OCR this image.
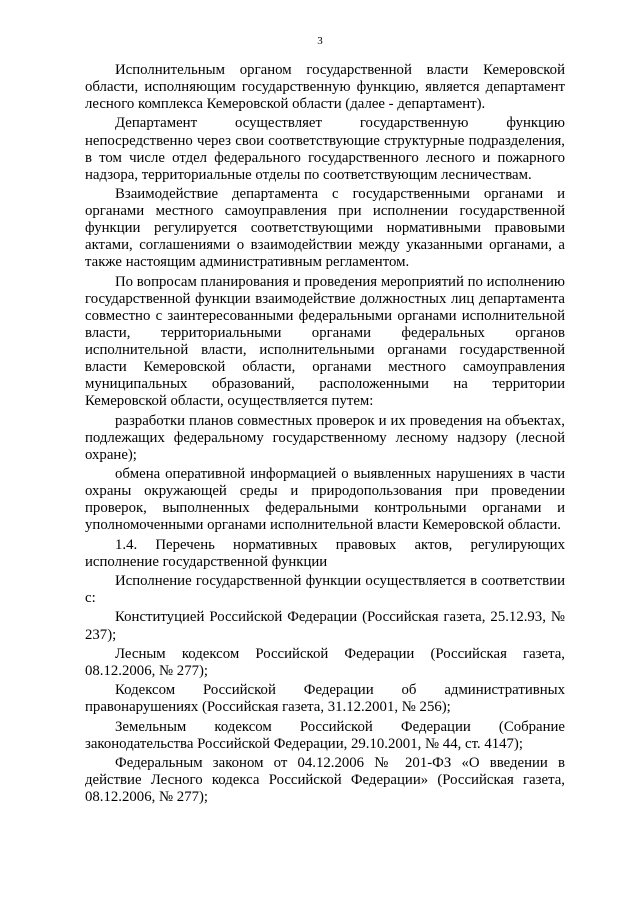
3

Исполнительным органом государственной власти Кемеровской области, исполняющим государственную функцию, является департамент лесного комплекса Кемеровской области (далее - департамент).

Департамент осуществляет государственную функцию непосредственно через свои соответствующие структурные подразделения, в том числе отдел федерального государственного лесного и пожарного надзора, территориальные отделы по соответствующим лесничествам.

Взаимодействие департамента с государственными органами и органами местного самоуправления при исполнении государственной функции регулируется соответствующими нормативными правовыми актами, соглашениями о взаимодействии между указанными органами, а также настоящим административным регламентом.

По вопросам планирования и проведения мероприятий по исполнению государственной функции взаимодействие должностных лиц департамента совместно с заинтересованными федеральными органами исполнительной власти, территориальными органами федеральных органов исполнительной власти, исполнительными органами государственной власти Кемеровской области, органами местного самоуправления муниципальных образований, расположенными на территории Кемеровской области, осуществляется путем:

разработки планов совместных проверок и их проведения на объектах, подлежащих федеральному государственному лесному надзору (лесной охране);

обмена оперативной информацией о выявленных нарушениях в части охраны окружающей среды и природопользования при проведении проверок, выполненных федеральными контрольными органами и уполномоченными органами исполнительной власти Кемеровской области.

1.4. Перечень нормативных правовых актов, регулирующих исполнение государственной функции

Исполнение государственной функции осуществляется в соответствии с:

Конституцией Российской Федерации (Российская газета, 25.12.93, № 237);

Лесным кодексом Российской Федерации (Российская газета, 08.12.2006, № 277);

Кодексом Российской Федерации об административных правонарушениях (Российская газета, 31.12.2001, № 256);

Земельным кодексом Российской Федерации (Собрание законодательства Российской Федерации, 29.10.2001, № 44, ст. 4147);

Федеральным законом от 04.12.2006 № 201-ФЗ «О введении в действие Лесного кодекса Российской Федерации» (Российская газета, 08.12.2006, № 277);
